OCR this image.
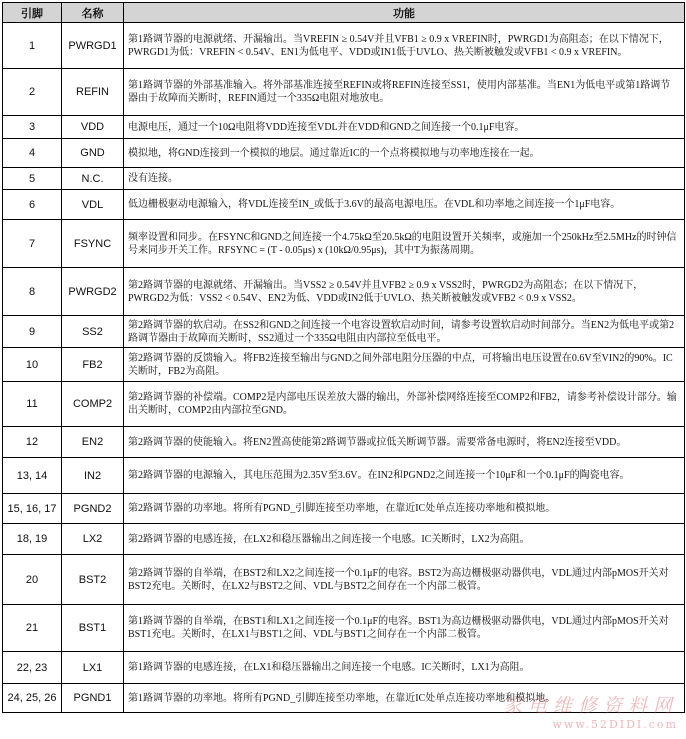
引脚	名称	功能
1	PWRGD1	第1路调节器的电源就绪、开漏输出。当VREFIN ≥ 0.54V并且VFB1 ≥ 0.9 x VREFIN时，PWRGD1为高阻态；在以下情况下，PWRGD1为低：VREFIN < 0.54V、EN1为低电平、VDD或IN1低于UVLO、热关断被触发或VFB1 < 0.9 x VREFIN。
2	REFIN	第1路调节器的外部基准输入。将外部基准连接至REFIN或将REFIN连接至SS1，使用内部基准。当EN1为低电平或第1路调节器由于故障而关断时，REFIN通过一个335Ω电阻对地放电。
3	VDD	电源电压，通过一个10Ω电阻将VDD连接至VDL并在VDD和GND之间连接一个0.1μF电容。
4	GND	模拟地，将GND连接到一个模拟的地层。通过靠近IC的一个点将模拟地与功率地连接在一起。
5	N.C.	没有连接。
6	VDL	低边栅极驱动电源输入，将VDL连接至IN_或低于3.6V的最高电源电压。在VDL和功率地之间连接一个1μF电容。
7	FSYNC	频率设置和同步。在FSYNC和GND之间连接一个4.75kΩ至20.5kΩ的电阻设置开关频率，或施加一个250kHz至2.5MHz的时钟信号来同步开关工作。RFSYNC = (T - 0.05μs) x (10kΩ/0.95μs)，其中T为振荡周期。
8	PWRGD2	第2路调节器的电源就绪、开漏输出。当VSS2 ≥ 0.54V并且VFB2 ≥ 0.9 x VSS2时，PWRGD2为高阻态；在以下情况下，PWRGD2为低：VSS2 < 0.54V、EN2为低、VDD或IN2低于UVLO、热关断被触发或VFB2 < 0.9 x VSS2。
9	SS2	第2路调节器的软启动。在SS2和GND之间连接一个电容设置软启动时间，请参考设置软启动时间部分。当EN2为低电平或第2路调节器由于故障而关断时，SS2通过一个335Ω电阻由内部拉至低电平。
10	FB2	第2路调节器的反馈输入。将FB2连接至输出与GND之间外部电阻分压器的中点，可将输出电压设置在0.6V至VIN2的90%。IC关断时，FB2为高阻。
11	COMP2	第2路调节器的补偿端。COMP2是内部电压误差放大器的输出，外部补偿网络连接至COMP2和FB2，请参考补偿设计部分。输出关断时，COMP2由内部拉至GND。
12	EN2	第2路调节器的使能输入。将EN2置高使能第2路调节器或拉低关断调节器。需要常备电源时，将EN2连接至VDD。
13, 14	IN2	第2路调节器的电源输入，其电压范围为2.35V至3.6V。在IN2和PGND2之间连接一个10μF和一个0.1μF的陶瓷电容。
15, 16, 17	PGND2	第2路调节器的功率地。将所有PGND_引脚连接至功率地，在靠近IC处单点连接功率地和模拟地。
18, 19	LX2	第2路调节器的电感连接，在LX2和稳压器输出之间连接一个电感。IC关断时，LX2为高阻。
20	BST2	第2路调节器的自举端，在BST2和LX2之间连接一个0.1μF的电容。BST2为高边栅极驱动器供电，VDL通过内部pMOS开关对BST2充电。关断时，在LX2与BST2之间、VDL与BST2之间存在一个内部二极管。
21	BST1	第1路调节器的自举端，在BST1和LX1之间连接一个0.1μF的电容。BST1为高边栅极驱动器供电，VDL通过内部pMOS开关对BST1充电。关断时，在LX1与BST1之间、VDL与BST1之间存在一个内部二极管。
22, 23	LX1	第1路调节器的电感连接，在LX1和稳压器输出之间连接一个电感。IC关断时，LX1为高阻。
24, 25, 26	PGND1	第1路调节器的功率地。将所有PGND_引脚连接至功率地，在靠近IC处单点连接功率地和模拟地。
家电维修资料网
www.52DIDI.com
